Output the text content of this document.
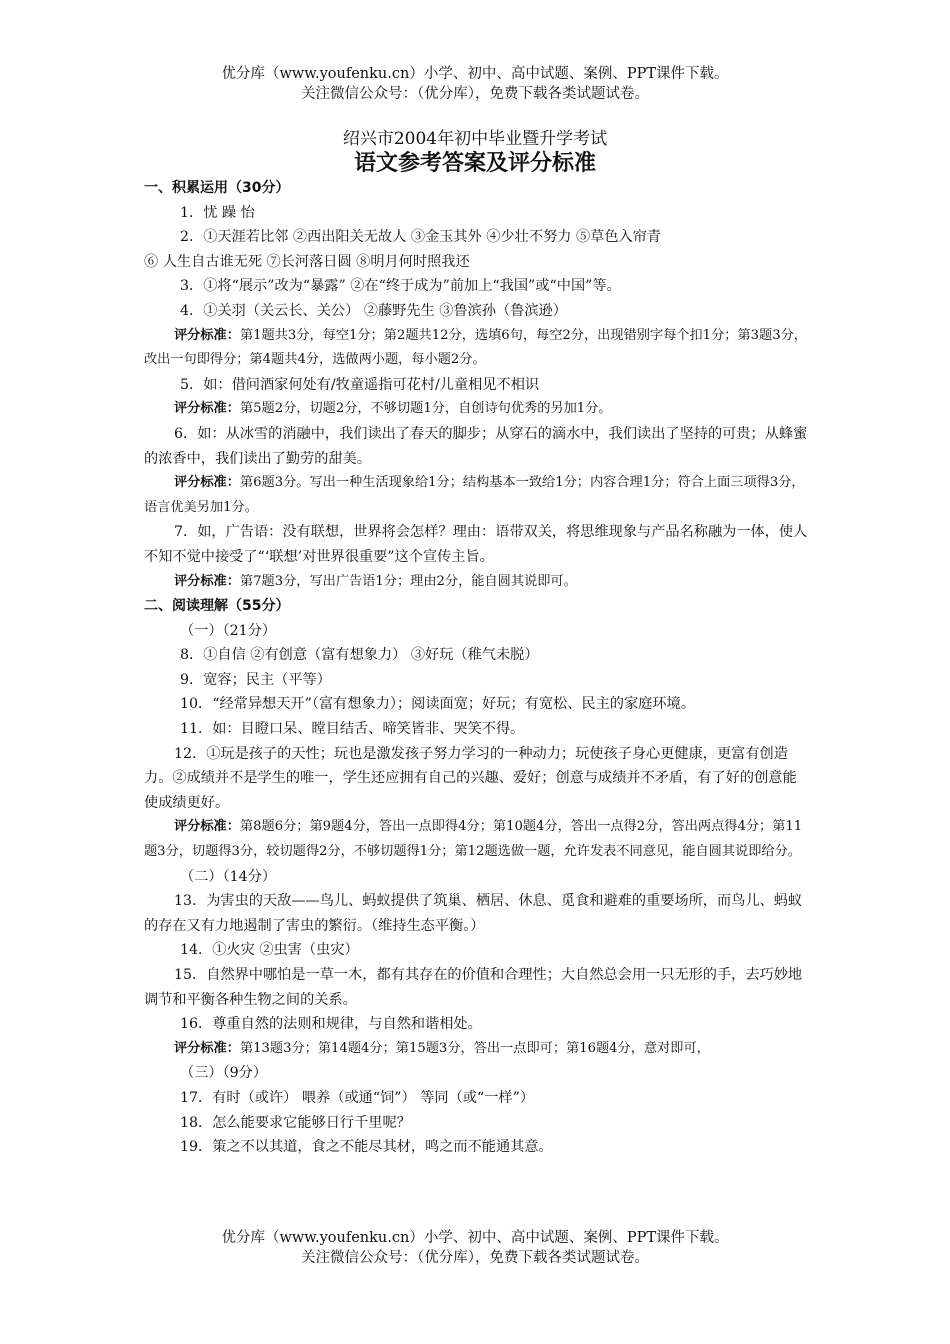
优分库（www.youfenku.cn）小学、初中、高中试题、案例、PPT课件下载。
关注微信公众号：（优分库），免费下载各类试题试卷。
绍兴市2004年初中毕业暨升学考试
语文参考答案及评分标准

一、积累运用（30分）

1．忧 躁 怡

2．①天涯若比邻 ②西出阳关无故人 ③金玉其外 ④少壮不努力 ⑤草色入帘青

⑥ 人生自古谁无死 ⑦长河落日圆 ⑧明月何时照我还

3．①将“展示”改为“暴露” ②在“终于成为”前加上“我国”或“中国”等。

4．①关羽（关云长、关公） ②藤野先生 ③鲁滨孙（鲁滨逊）

评分标准：第1题共3分，每空1分；第2题共12分，选填6句，每空2分，出现错别字每个扣1分；第3题3分，改出一句即得分；第4题共4分，选做两小题，每小题2分。

5．如：借问酒家何处有/牧童遥指可花村/儿童相见不相识

评分标准：第5题2分，切题2分，不够切题1分，自创诗句优秀的另加1分。

6．如：从冰雪的消融中，我们读出了春天的脚步；从穿石的滴水中，我们读出了坚持的可贵；从蜂蜜的浓香中，我们读出了勤劳的甜美。

评分标准：第6题3分。写出一种生活现象给1分；结构基本一致给1分；内容合理1分；符合上面三项得3分，语言优美另加1分。

7．如，广告语：没有联想，世界将会怎样？理由：语带双关，将思维现象与产品名称融为一体，使人不知不觉中接受了“‘联想’对世界很重要”这个宣传主旨。

评分标准：第7题3分，写出广告语1分；理由2分，能自圆其说即可。

二、阅读理解（55分）

（一）（21分）

8．①自信 ②有创意（富有想象力） ③好玩（稚气未脱）

9．宽容；民主（平等）

10．“经常异想天开”（富有想象力）；阅读面宽；好玩；有宽松、民主的家庭环境。

11．如：目瞪口呆、瞠目结舌、啼笑皆非、哭笑不得。

12．①玩是孩子的天性；玩也是激发孩子努力学习的一种动力；玩使孩子身心更健康，更富有创造力。②成绩并不是学生的唯一，学生还应拥有自己的兴趣、爱好；创意与成绩并不矛盾，有了好的创意能使成绩更好。

评分标准：第8题6分；第9题4分，答出一点即得4分；第10题4分，答出一点得2分，答出两点得4分；第11题3分，切题得3分，较切题得2分，不够切题得1分；第12题选做一题，允许发表不同意见，能自圆其说即给分。

（二）（14分）

13．为害虫的天敌——鸟儿、蚂蚁提供了筑巢、栖居、休息、觅食和避难的重要场所，而鸟儿、蚂蚁的存在又有力地遏制了害虫的繁衍。（维持生态平衡。）

14．①火灾 ②虫害（虫灾）

15．自然界中哪怕是一草一木，都有其存在的价值和合理性；大自然总会用一只无形的手，去巧妙地调节和平衡各种生物之间的关系。

16．尊重自然的法则和规律，与自然和谐相处。

评分标准：第13题3分；第14题4分；第15题3分，答出一点即可；第16题4分，意对即可，

（三）（9分）

17．有时（或许） 喂养（或通“饲”） 等同（或“一样”）

18．怎么能要求它能够日行千里呢？

19．策之不以其道，食之不能尽其材，鸣之而不能通其意。

优分库（www.youfenku.cn）小学、初中、高中试题、案例、PPT课件下载。
关注微信公众号：（优分库），免费下载各类试题试卷。
